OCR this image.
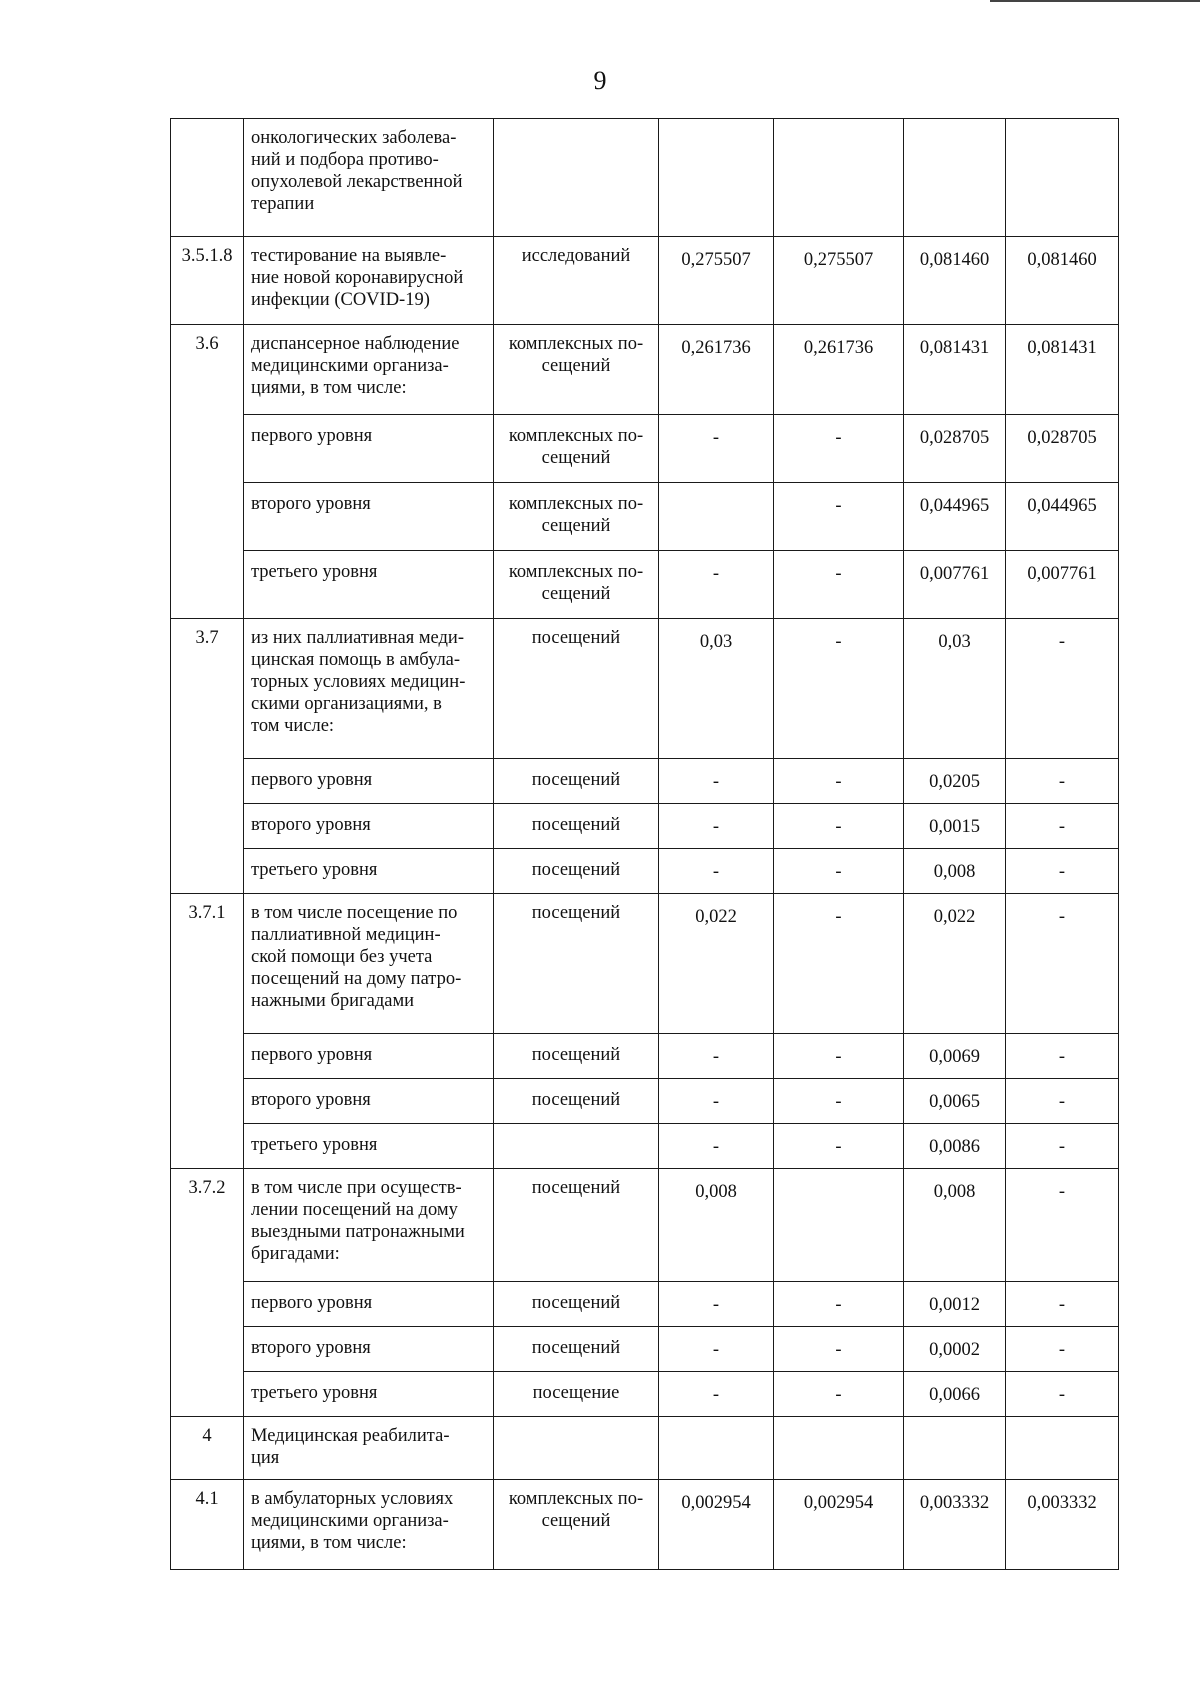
9
	онкологических заболева-
ний и подбора противо-
опухолевой лекарственной
терапии					
3.5.1.8	тестирование на выявле-
ние новой коронавирусной
инфекции (COVID-19)	исследований	0,275507	0,275507	0,081460	0,081460
3.6	диспансерное наблюдение
медицинскими организа-
циями, в том числе:	комплексных по-
сещений	0,261736	0,261736	0,081431	0,081431
	первого уровня	комплексных по-
сещений	-	-	0,028705	0,028705
	второго уровня	комплексных по-
сещений		-	0,044965	0,044965
	третьего уровня	комплексных по-
сещений	-	-	0,007761	0,007761
3.7	из них паллиативная меди-
цинская помощь в амбула-
торных условиях медицин-
скими организациями, в
том числе:	посещений	0,03	-	0,03	-
	первого уровня	посещений	-	-	0,0205	-
	второго уровня	посещений	-	-	0,0015	-
	третьего уровня	посещений	-	-	0,008	-
3.7.1	в том числе посещение по
паллиативной медицин-
ской помощи без учета
посещений на дому патро-
нажными бригадами	посещений	0,022	-	0,022	-
	первого уровня	посещений	-	-	0,0069	-
	второго уровня	посещений	-	-	0,0065	-
	третьего уровня		-	-	0,0086	-
3.7.2	в том числе при осуществ-
лении посещений на дому
выездными патронажными
бригадами:	посещений	0,008		0,008	-
	первого уровня	посещений	-	-	0,0012	-
	второго уровня	посещений	-	-	0,0002	-
	третьего уровня	посещение	-	-	0,0066	-
4	Медицинская реабилита-
ция					
4.1	в амбулаторных условиях
медицинскими организа-
циями, в том числе:	комплексных по-
сещений	0,002954	0,002954	0,003332	0,003332
